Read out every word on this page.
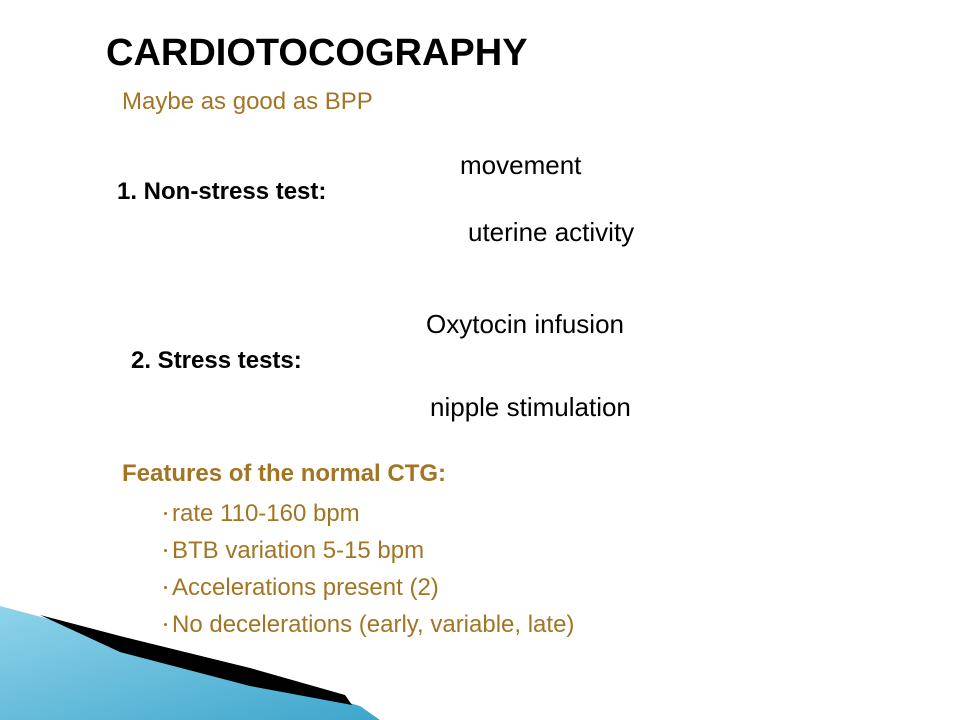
CARDIOTOCOGRAPHY
Maybe as good as BPP
1. Non-stress test:
movement
uterine activity
2. Stress tests:
Oxytocin infusion
nipple stimulation
Features of the normal CTG:
rate 110-160 bpm
BTB variation 5-15 bpm
Accelerations present (2)
No decelerations (early, variable, late)
